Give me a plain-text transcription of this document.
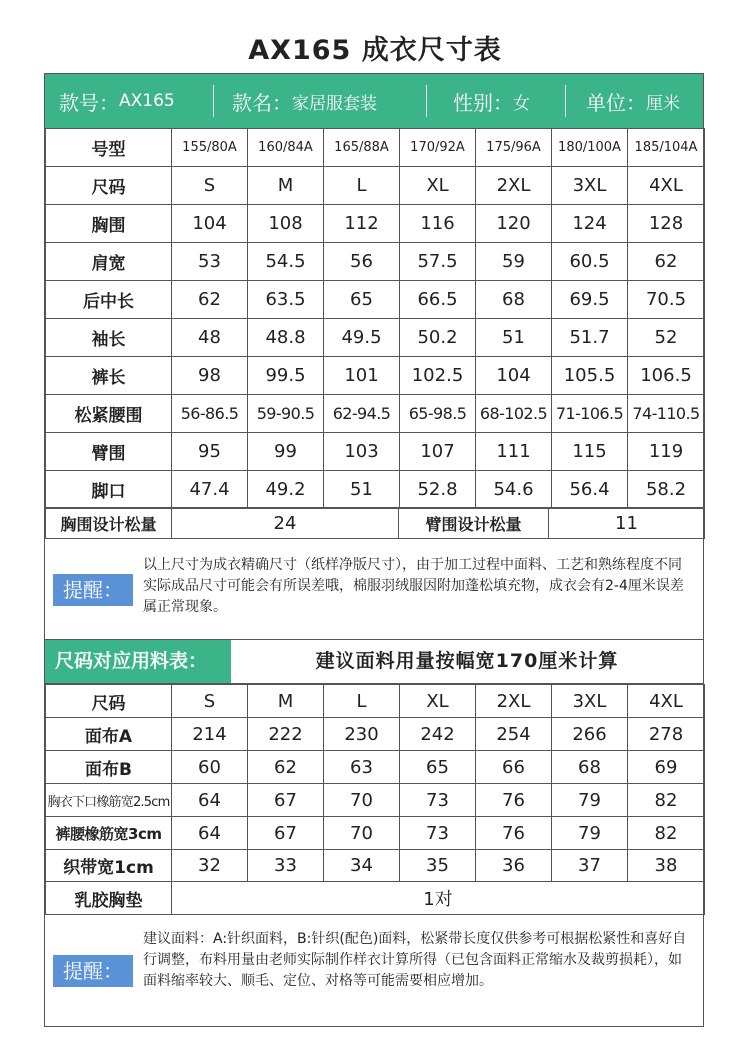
AX165 成衣尺寸表
款号： AX165	款名： 家居服套装	性别： 女	单位： 厘米
号型	155/80A	160/84A	165/88A	170/92A	175/96A	180/100A	185/104A
尺码	S	M	L	XL	2XL	3XL	4XL
胸围	104	108	112	116	120	124	128
肩宽	53	54.5	56	57.5	59	60.5	62
后中长	62	63.5	65	66.5	68	69.5	70.5
袖长	48	48.8	49.5	50.2	51	51.7	52
裤长	98	99.5	101	102.5	104	105.5	106.5
松紧腰围	56-86.5	59-90.5	62-94.5	65-98.5	68-102.5	71-106.5	74-110.5
臂围	95	99	103	107	111	115	119
脚口	47.4	49.2	51	52.8	54.6	56.4	58.2
胸围设计松量	24	臂围设计松量	11
提醒：
以上尺寸为成衣精确尺寸（纸样净版尺寸），由于加工过程中面料、工艺和熟练程度不同实际成品尺寸可能会有所误差哦，棉服羽绒服因附加蓬松填充物，成衣会有2-4厘米误差属正常现象。
尺码对应用料表：	建议面料用量按幅宽170厘米计算
尺码	S	M	L	XL	2XL	3XL	4XL
面布A	214	222	230	242	254	266	278
面布B	60	62	63	65	66	68	69
胸衣下口橡筋宽2.5cm	64	67	70	73	76	79	82
裤腰橡筋宽3cm	64	67	70	73	76	79	82
织带宽1cm	32	33	34	35	36	37	38
乳胶胸垫	1对
提醒：
建议面料：A:针织面料，B:针织(配色)面料，松紧带长度仅供参考可根据松紧性和喜好自行调整，布料用量由老师实际制作样衣计算所得（已包含面料正常缩水及裁剪损耗），如面料缩率较大、顺毛、定位、对格等可能需要相应增加。
